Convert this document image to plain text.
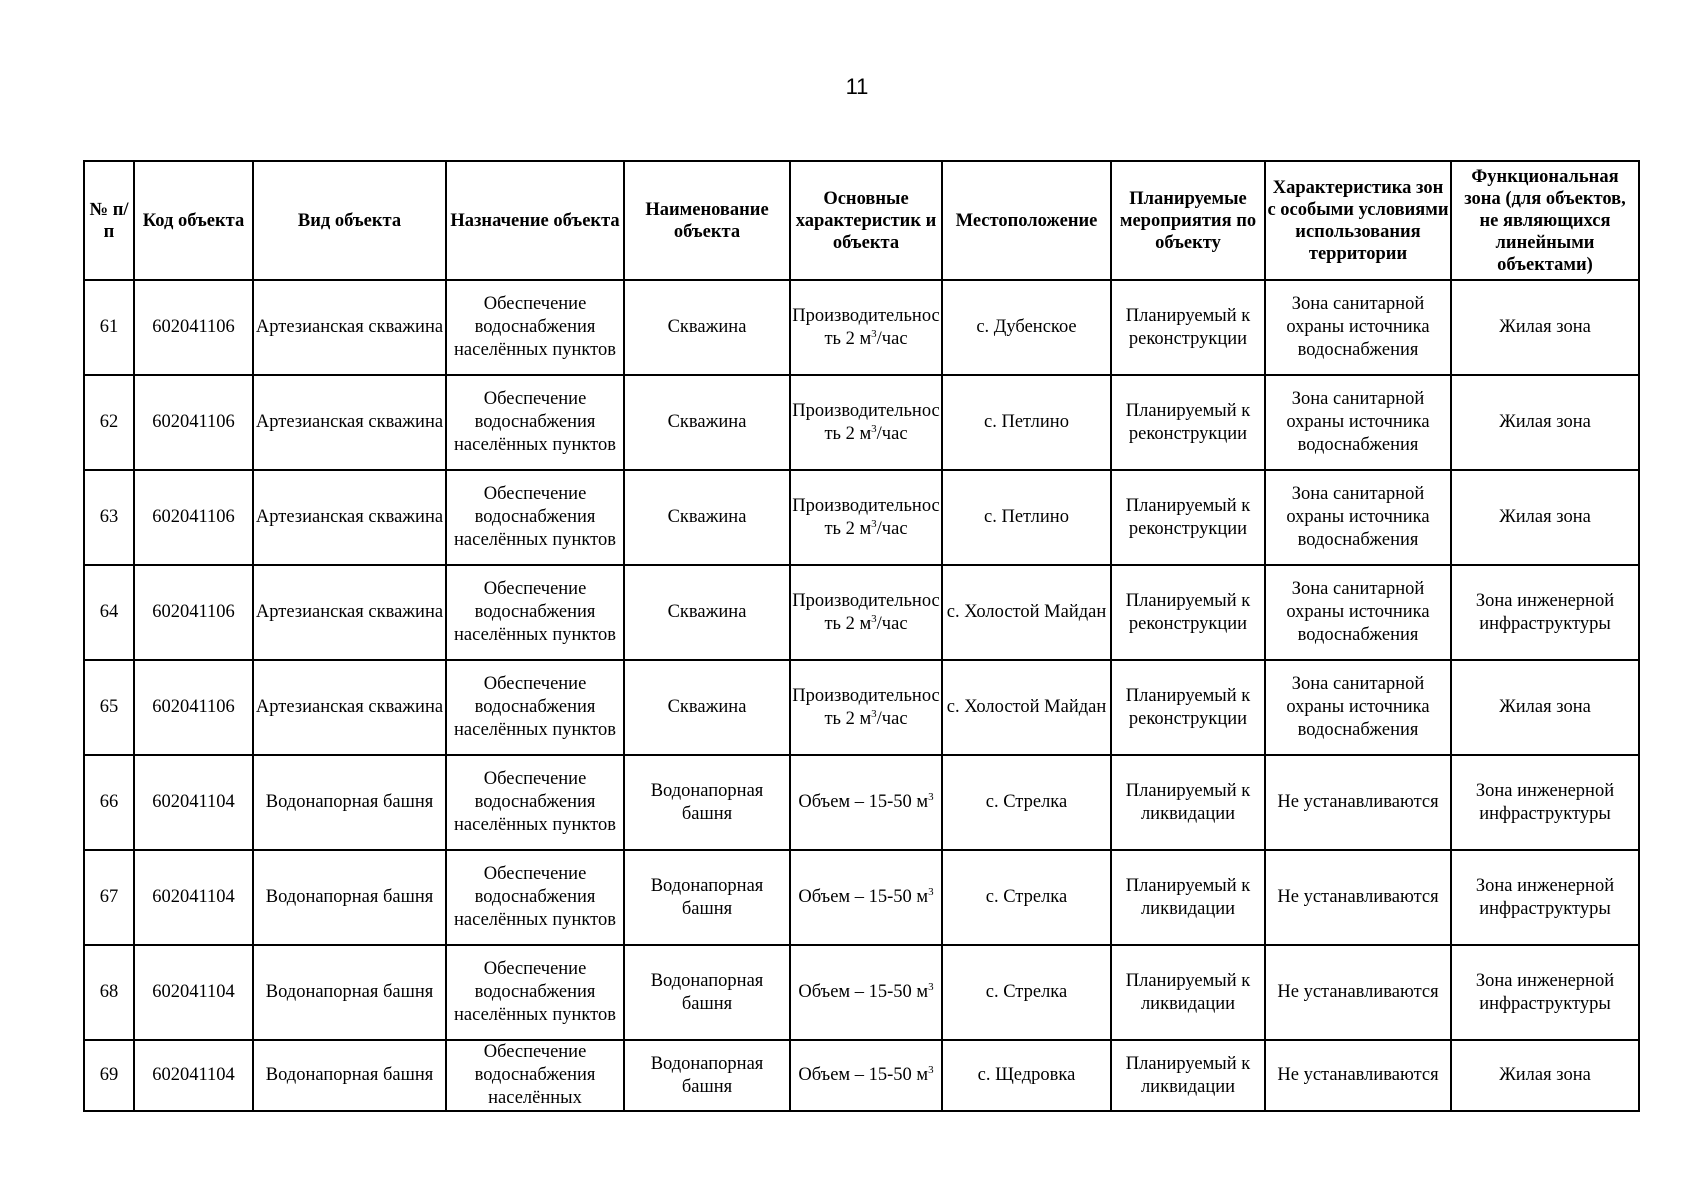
11
№ п/п	Код объекта	Вид объекта	Назначение объекта	Наименование объекта	Основные характеристик и объекта	Местоположение	Планируемые мероприятия по объекту	Характеристика зон с особыми условиями использования территории	Функциональная зона (для объектов, не являющихся линейными объектами)
61	602041106	Артезианская скважина	Обеспечение водоснабжения населённых пунктов	Скважина	Производительность 2 $м^3$/час	с. Дубенское	Планируемый к реконструкции	Зона санитарной охраны источника водоснабжения	Жилая зона
62	602041106	Артезианская скважина	Обеспечение водоснабжения населённых пунктов	Скважина	Производительность 2 $м^3$/час	с. Петлино	Планируемый к реконструкции	Зона санитарной охраны источника водоснабжения	Жилая зона
63	602041106	Артезианская скважина	Обеспечение водоснабжения населённых пунктов	Скважина	Производительность 2 $м^3$/час	с. Петлино	Планируемый к реконструкции	Зона санитарной охраны источника водоснабжения	Жилая зона
64	602041106	Артезианская скважина	Обеспечение водоснабжения населённых пунктов	Скважина	Производительность 2 $м^3$/час	с. Холостой Майдан	Планируемый к реконструкции	Зона санитарной охраны источника водоснабжения	Зона инженерной инфраструктуры
65	602041106	Артезианская скважина	Обеспечение водоснабжения населённых пунктов	Скважина	Производительность 2 $м^3$/час	с. Холостой Майдан	Планируемый к реконструкции	Зона санитарной охраны источника водоснабжения	Жилая зона
66	602041104	Водонапорная башня	Обеспечение водоснабжения населённых пунктов	Водонапорная башня	Объем – 15-50 $м^3$	с. Стрелка	Планируемый к ликвидации	Не устанавливаются	Зона инженерной инфраструктуры
67	602041104	Водонапорная башня	Обеспечение водоснабжения населённых пунктов	Водонапорная башня	Объем – 15-50 $м^3$	с. Стрелка	Планируемый к ликвидации	Не устанавливаются	Зона инженерной инфраструктуры
68	602041104	Водонапорная башня	Обеспечение водоснабжения населённых пунктов	Водонапорная башня	Объем – 15-50 $м^3$	с. Стрелка	Планируемый к ликвидации	Не устанавливаются	Зона инженерной инфраструктуры
69	602041104	Водонапорная башня	Обеспечение водоснабжения населённых	Водонапорная башня	Объем – 15-50 $м^3$	с. Щедровка	Планируемый к ликвидации	Не устанавливаются	Жилая зона
